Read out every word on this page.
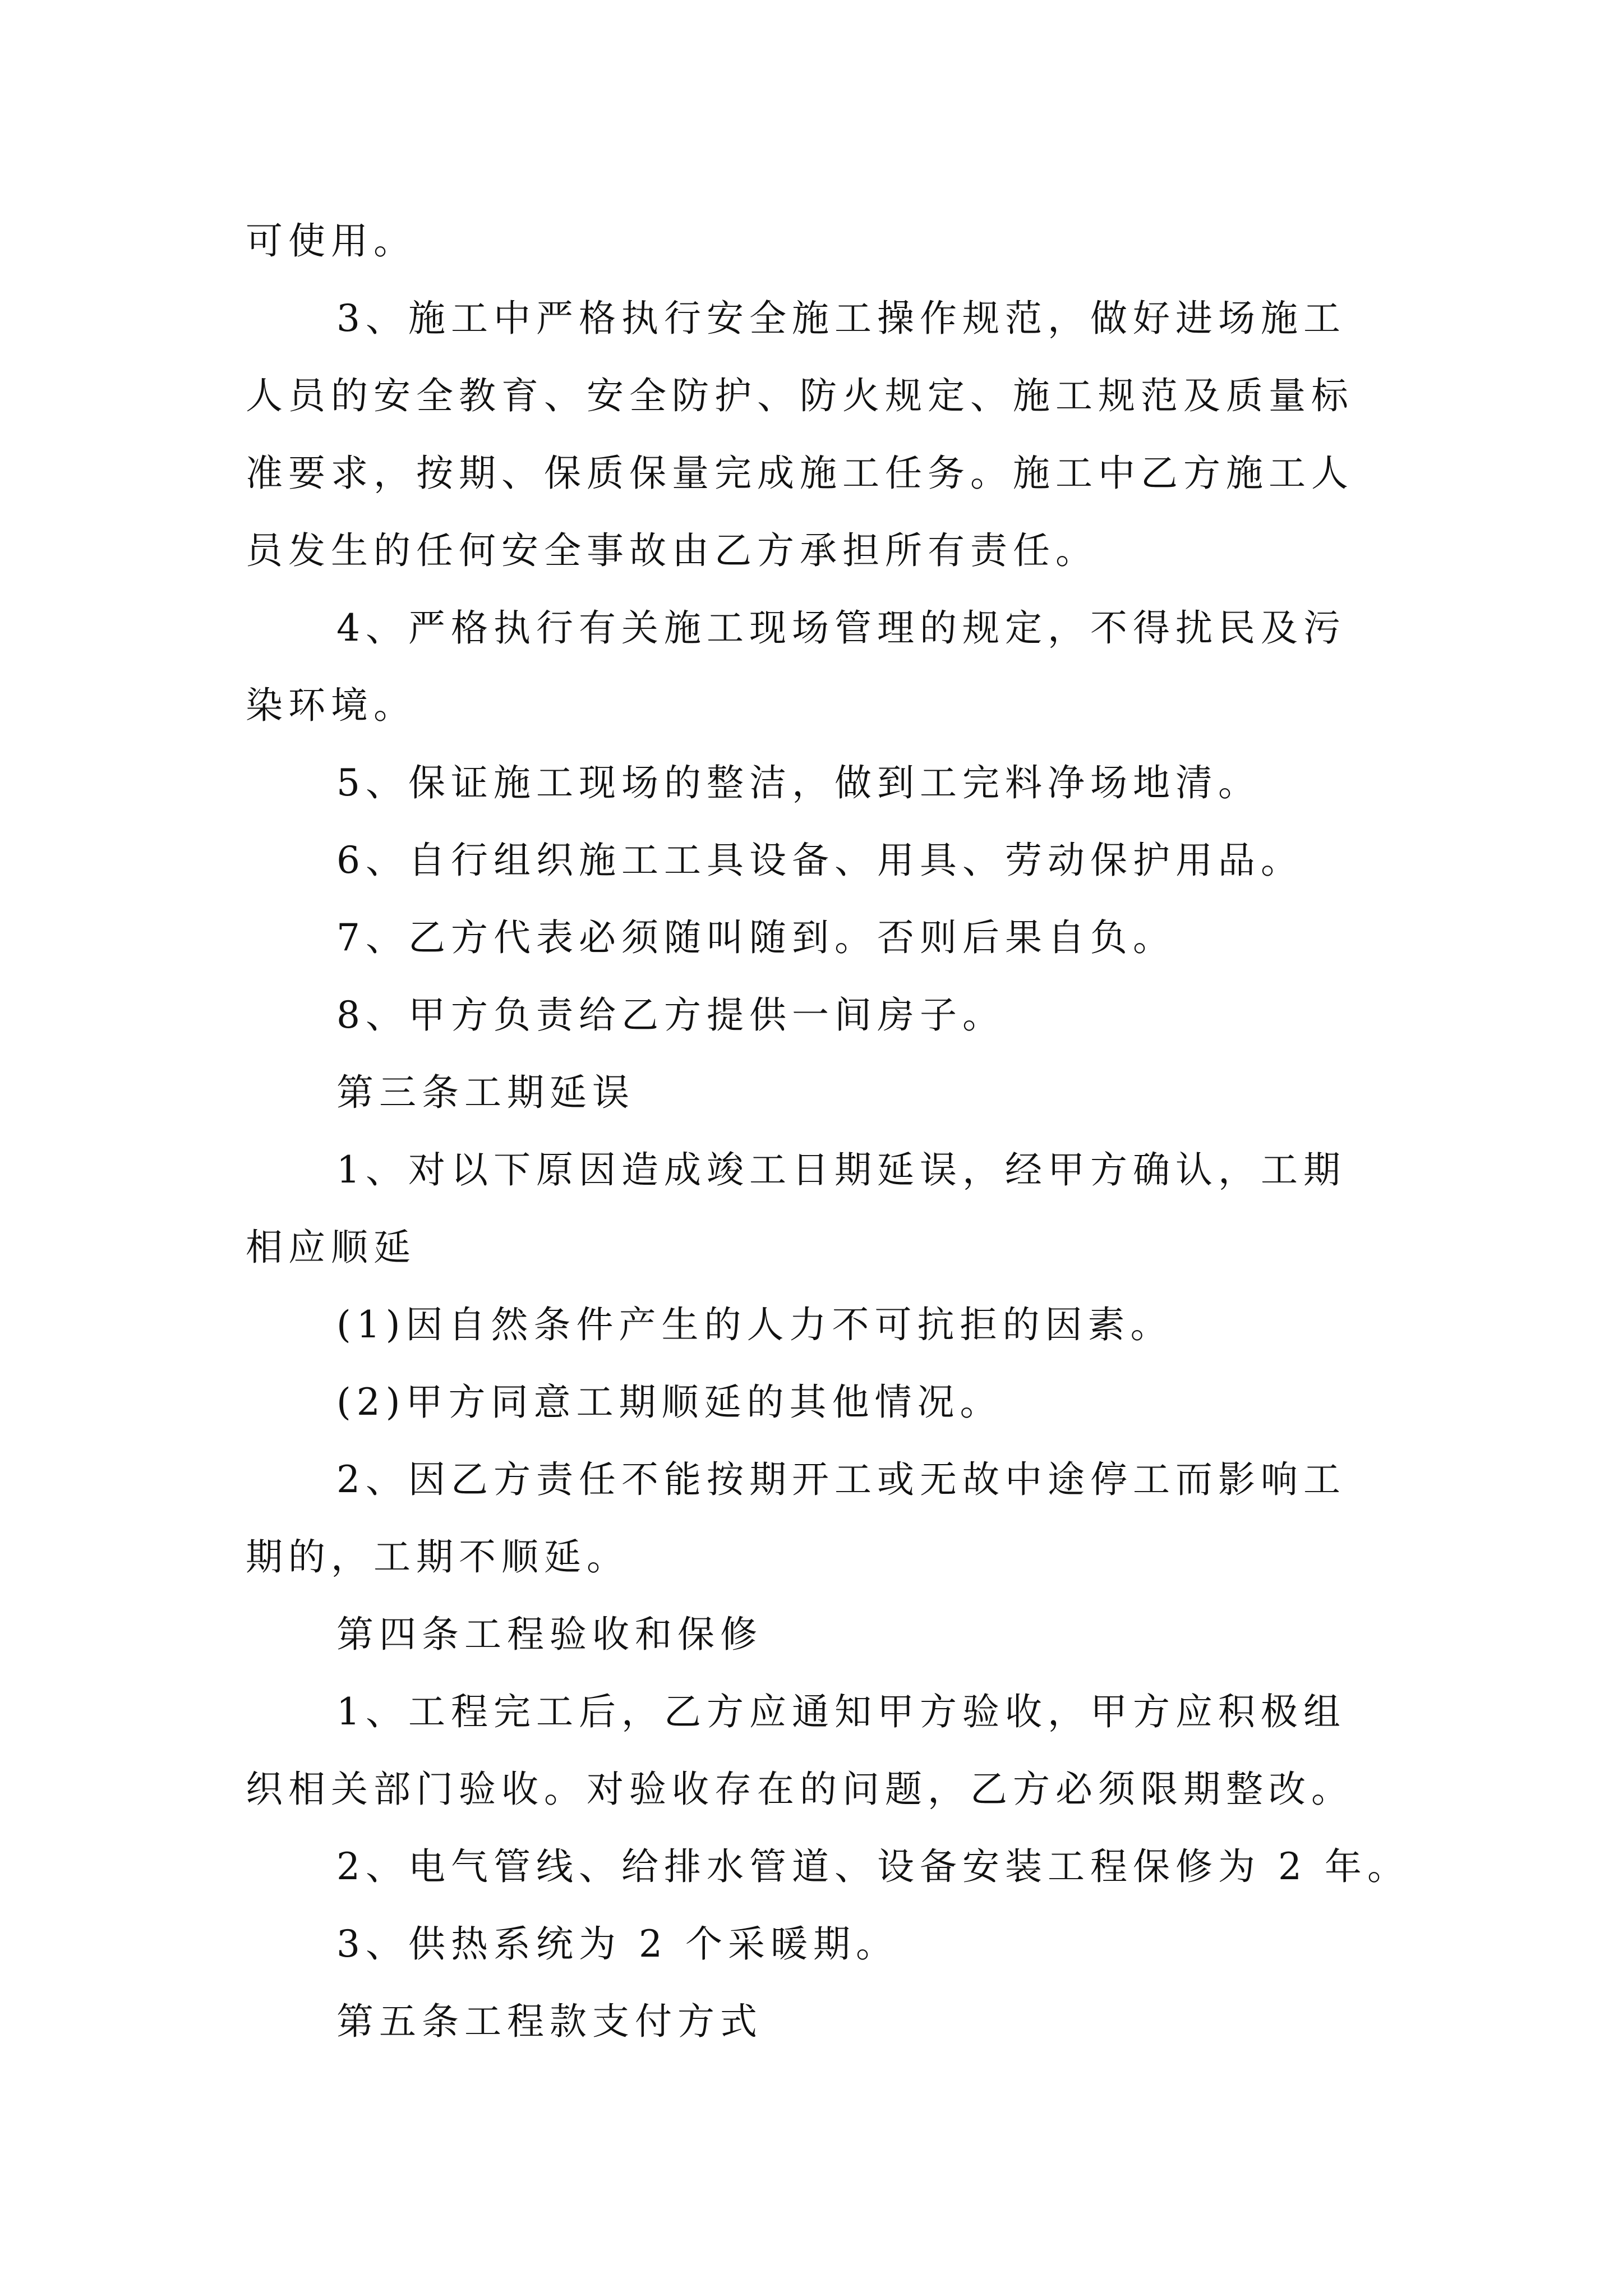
可使用。
3、施工中严格执行安全施工操作规范，做好进场施工
人员的安全教育、安全防护、防火规定、施工规范及质量标
准要求，按期、保质保量完成施工任务。施工中乙方施工人
员发生的任何安全事故由乙方承担所有责任。
4、严格执行有关施工现场管理的规定，不得扰民及污
染环境。
5、保证施工现场的整洁，做到工完料净场地清。
6、自行组织施工工具设备、用具、劳动保护用品。
7、乙方代表必须随叫随到。否则后果自负。
8、甲方负责给乙方提供一间房子。
第三条工期延误
1、对以下原因造成竣工日期延误，经甲方确认，工期
相应顺延
(1)因自然条件产生的人力不可抗拒的因素。
(2)甲方同意工期顺延的其他情况。
2、因乙方责任不能按期开工或无故中途停工而影响工
期的，工期不顺延。
第四条工程验收和保修
1、工程完工后，乙方应通知甲方验收，甲方应积极组
织相关部门验收。对验收存在的问题，乙方必须限期整改。
2、电气管线、给排水管道、设备安装工程保修为 2 年。
3、供热系统为 2 个采暖期。
第五条工程款支付方式
